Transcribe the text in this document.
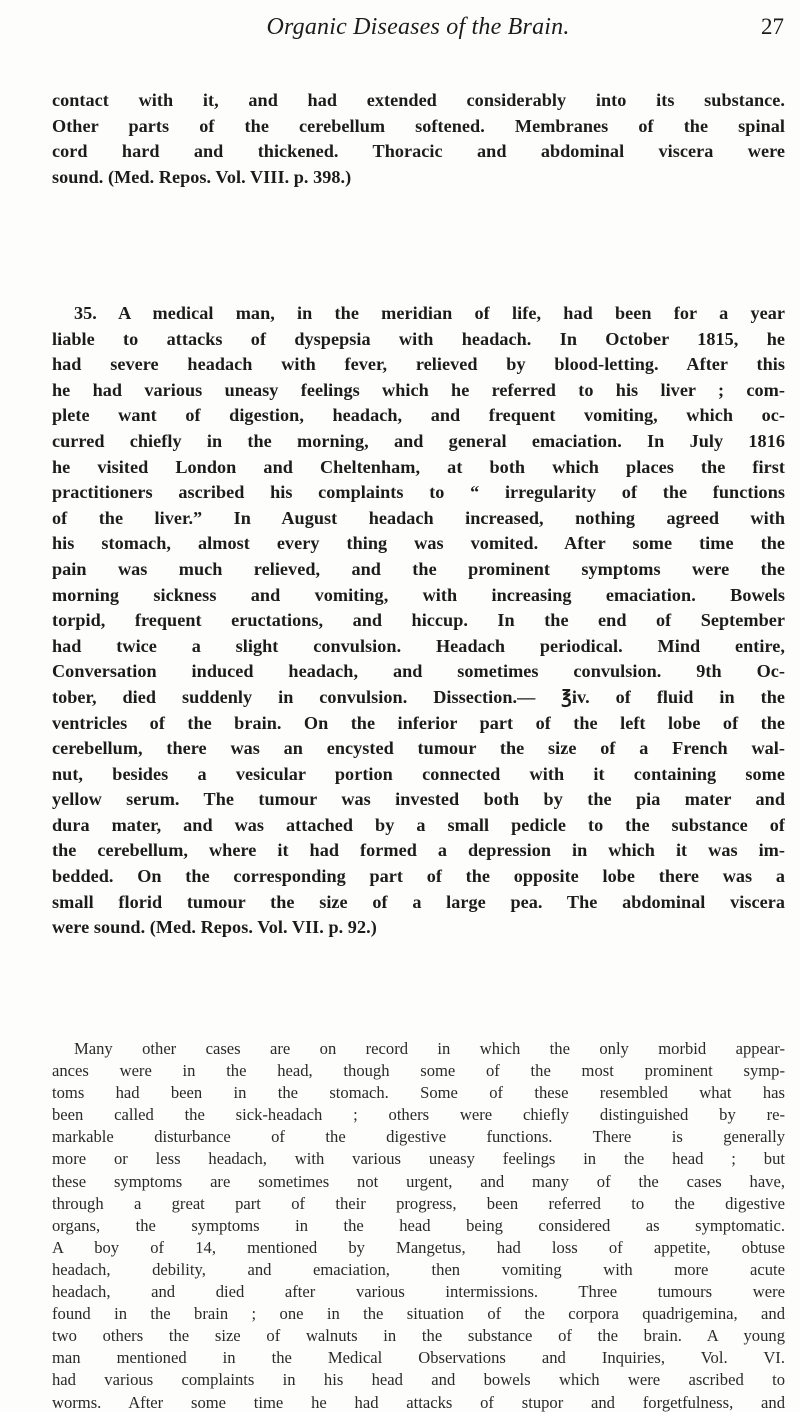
Organic Diseases of the Brain.	27
contact with it, and had extended considerably into its substance.
Other parts of the cerebellum softened. Membranes of the spinal
cord hard and thickened. Thoracic and abdominal viscera were
sound. (Med. Repos. Vol. VIII. p. 398.)
35. A medical man, in the meridian of life, had been for a year
liable to attacks of dyspepsia with headach. In October 1815, he
had severe headach with fever, relieved by blood-letting. After this
he had various uneasy feelings which he referred to his liver ; com-
plete want of digestion, headach, and frequent vomiting, which oc-
curred chiefly in the morning, and general emaciation. In July 1816
he visited London and Cheltenham, at both which places the first
practitioners ascribed his complaints to “ irregularity of the functions
of the liver.” In August headach increased, nothing agreed with
his stomach, almost every thing was vomited. After some time the
pain was much relieved, and the prominent symptoms were the
morning sickness and vomiting, with increasing emaciation. Bowels
torpid, frequent eructations, and hiccup. In the end of September
had twice a slight convulsion. Headach periodical. Mind entire,
Conversation induced headach, and sometimes convulsion. 9th Oc-
tober, died suddenly in convulsion. Dissection.— ℥iv. of fluid in the
ventricles of the brain. On the inferior part of the left lobe of the
cerebellum, there was an encysted tumour the size of a French wal-
nut, besides a vesicular portion connected with it containing some
yellow serum. The tumour was invested both by the pia mater and
dura mater, and was attached by a small pedicle to the substance of
the cerebellum, where it had formed a depression in which it was im-
bedded. On the corresponding part of the opposite lobe there was a
small florid tumour the size of a large pea. The abdominal viscera
were sound. (Med. Repos. Vol. VII. p. 92.)
Many other cases are on record in which the only morbid appear-
ances were in the head, though some of the most prominent symp-
toms had been in the stomach. Some of these resembled what has
been called the sick-headach ; others were chiefly distinguished by re-
markable disturbance of the digestive functions. There is generally
more or less headach, with various uneasy feelings in the head ; but
these symptoms are sometimes not urgent, and many of the cases have,
through a great part of their progress, been referred to the digestive
organs, the symptoms in the head being considered as symptomatic.
A boy of 14, mentioned by Mangetus, had loss of appetite, obtuse
headach, debility, and emaciation, then vomiting with more acute
headach, and died after various intermissions. Three tumours were
found in the brain ; one in the situation of the corpora quadrigemina, and
two others the size of walnuts in the substance of the brain. A young
man mentioned in the Medical Observations and Inquiries, Vol. VI.
had various complaints in his head and bowels which were ascribed to
worms. After some time he had attacks of stupor and forgetfulness, and
